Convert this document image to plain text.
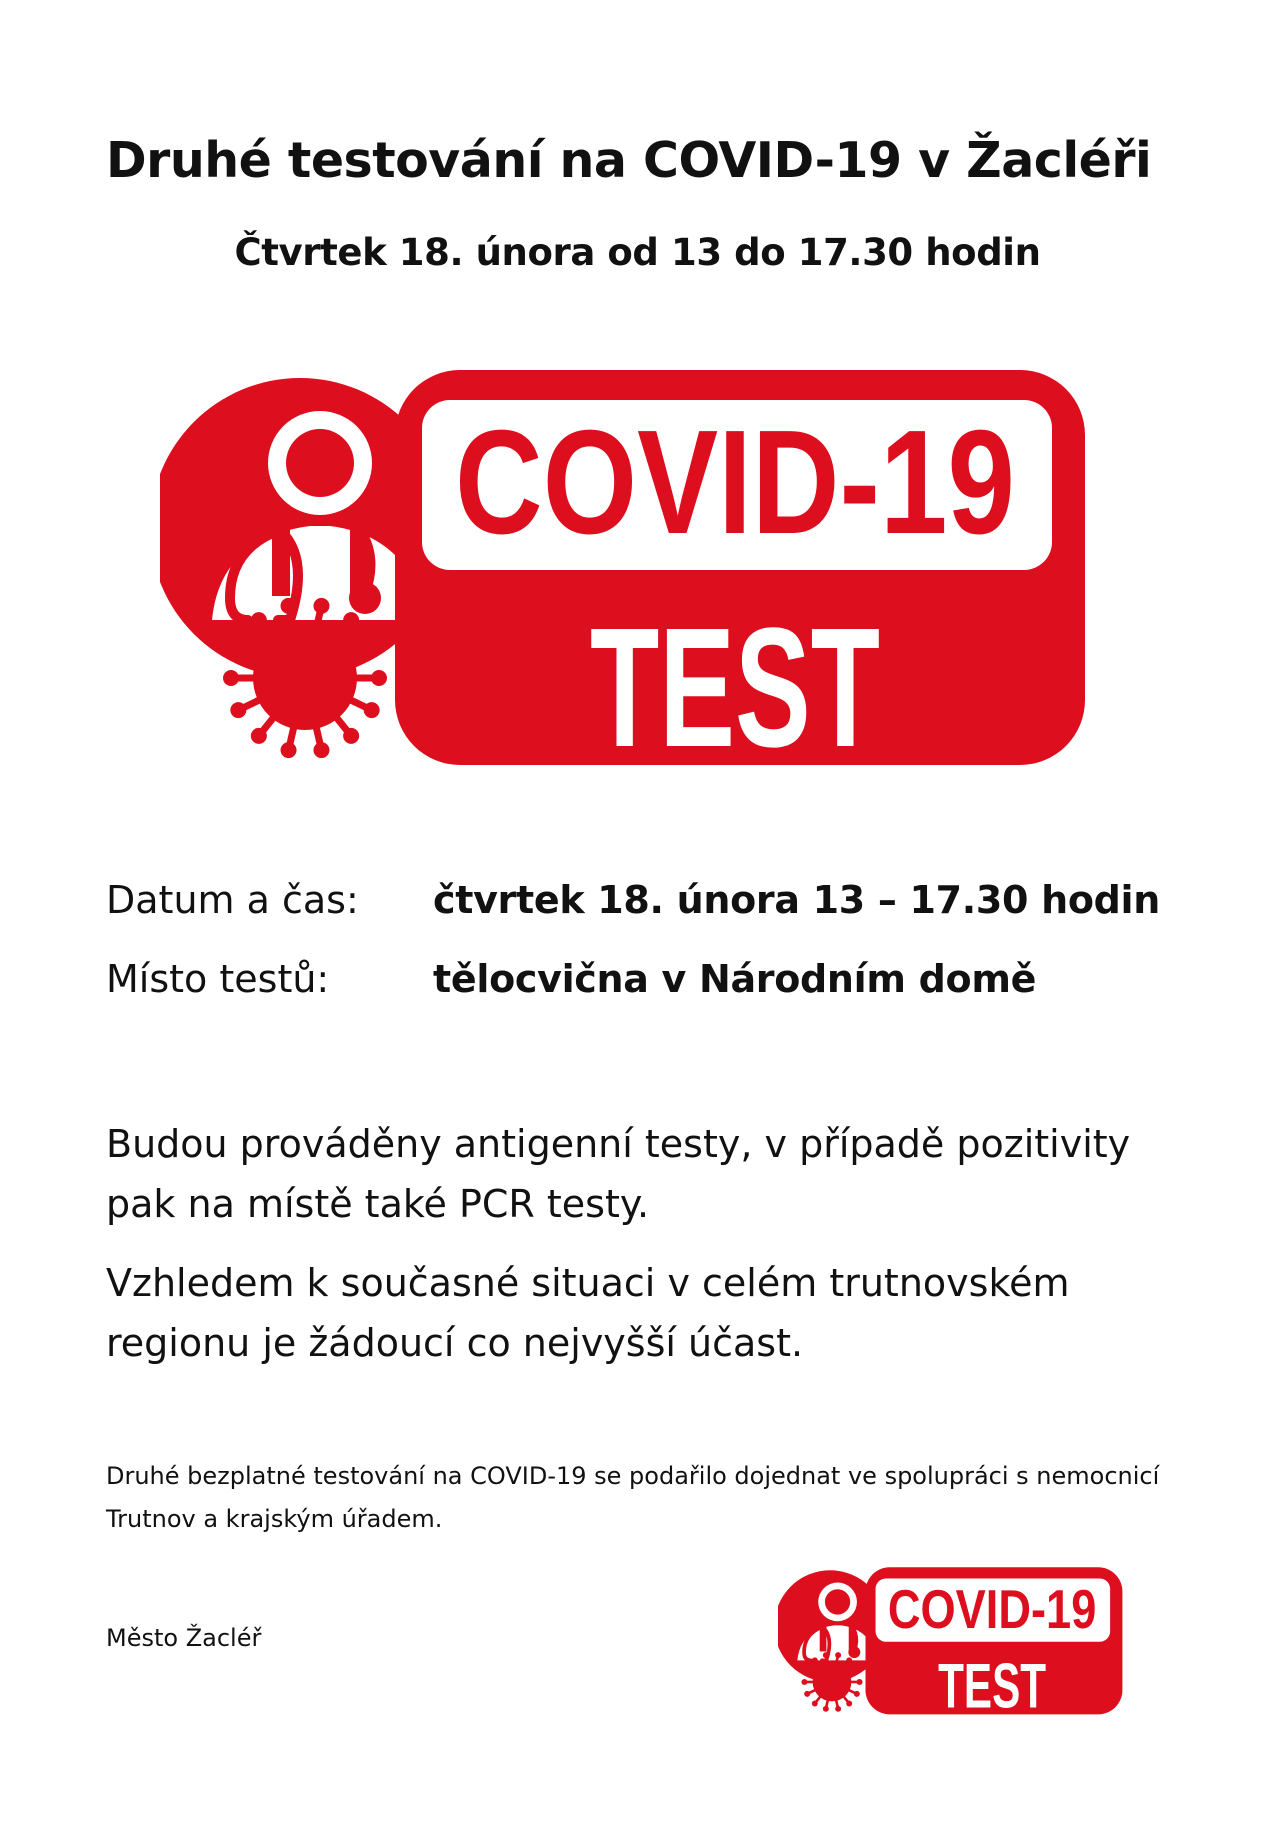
Druhé testování na COVID-19 v Žacléři
Čtvrtek 18. února od 13 do 17.30 hodin
COVID-19
TEST
Datum a čas: čtvrtek 18. února 13 – 17.30 hodin
Místo testů:	tělocvična v Národním domě
Budou prováděny antigenní testy, v případě pozitivity pak na místě také PCR testy.
Vzhledem k současné situaci v celém trutnovském regionu je žádoucí co nejvyšší účast.
Druhé bezplatné testování na COVID-19 se podařilo dojednat ve spolupráci s nemocnicí Trutnov a krajským úřadem.
Město Žacléř	COVID-19
TEST
